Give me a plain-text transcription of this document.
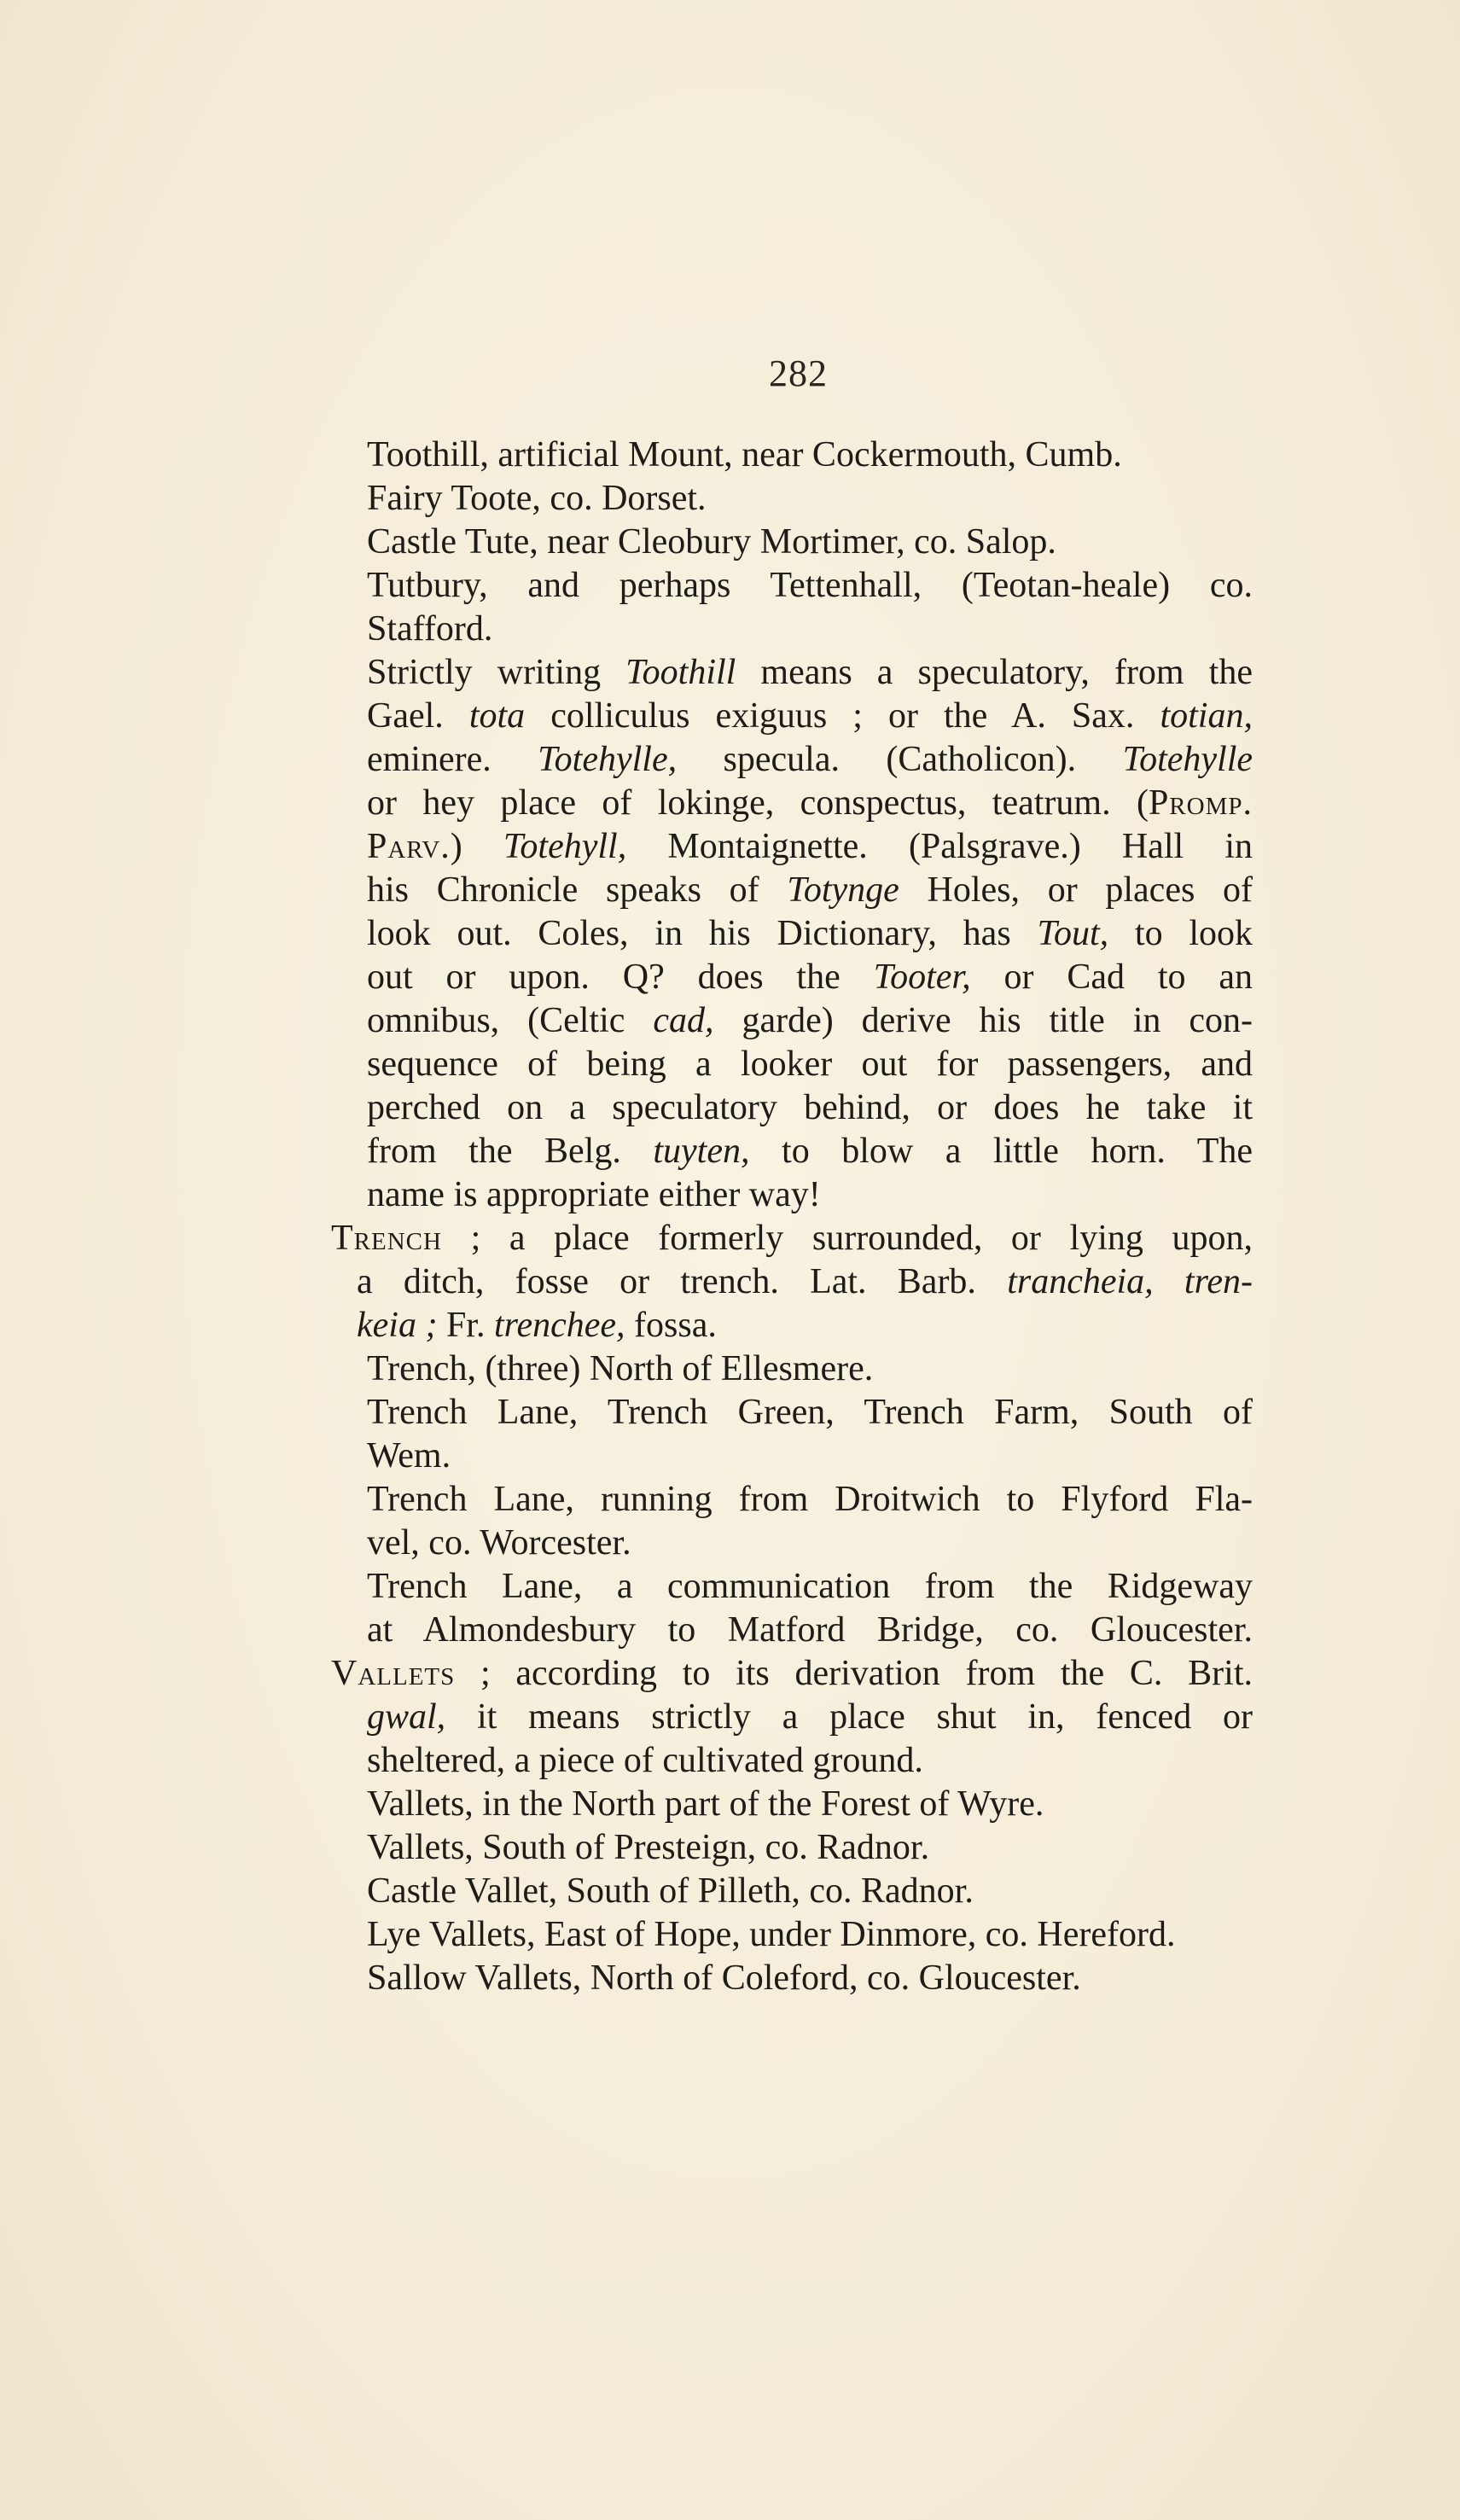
282
Toothill, artificial Mount, near Cockermouth, Cumb.
Fairy Toote, co. Dorset.
Castle Tute, near Cleobury Mortimer, co. Salop.
Tutbury, and perhaps Tettenhall, (Teotan-heale) co.
Stafford.
Strictly writing Toothill means a speculatory, from the
Gael. tota colliculus exiguus ; or the A. Sax. totian,
eminere. Totehylle, specula. (Catholicon). Totehylle
or hey place of lokinge, conspectus, teatrum. (Promp.
Parv.) Totehyll, Montaignette. (Palsgrave.) Hall in
his Chronicle speaks of Totynge Holes, or places of
look out. Coles, in his Dictionary, has Tout, to look
out or upon. Q? does the Tooter, or Cad to an
omnibus, (Celtic cad, garde) derive his title in con-
sequence of being a looker out for passengers, and
perched on a speculatory behind, or does he take it
from the Belg. tuyten, to blow a little horn. The
name is appropriate either way!
Trench ; a place formerly surrounded, or lying upon,
a ditch, fosse or trench. Lat. Barb. trancheia, tren-
keia ; Fr. trenchee, fossa.
Trench, (three) North of Ellesmere.
Trench Lane, Trench Green, Trench Farm, South of
Wem.
Trench Lane, running from Droitwich to Flyford Fla-
vel, co. Worcester.
Trench Lane, a communication from the Ridgeway
at Almondesbury to Matford Bridge, co. Gloucester.
Vallets ; according to its derivation from the C. Brit.
gwal, it means strictly a place shut in, fenced or
sheltered, a piece of cultivated ground.
Vallets, in the North part of the Forest of Wyre.
Vallets, South of Presteign, co. Radnor.
Castle Vallet, South of Pilleth, co. Radnor.
Lye Vallets, East of Hope, under Dinmore, co. Hereford.
Sallow Vallets, North of Coleford, co. Gloucester.
